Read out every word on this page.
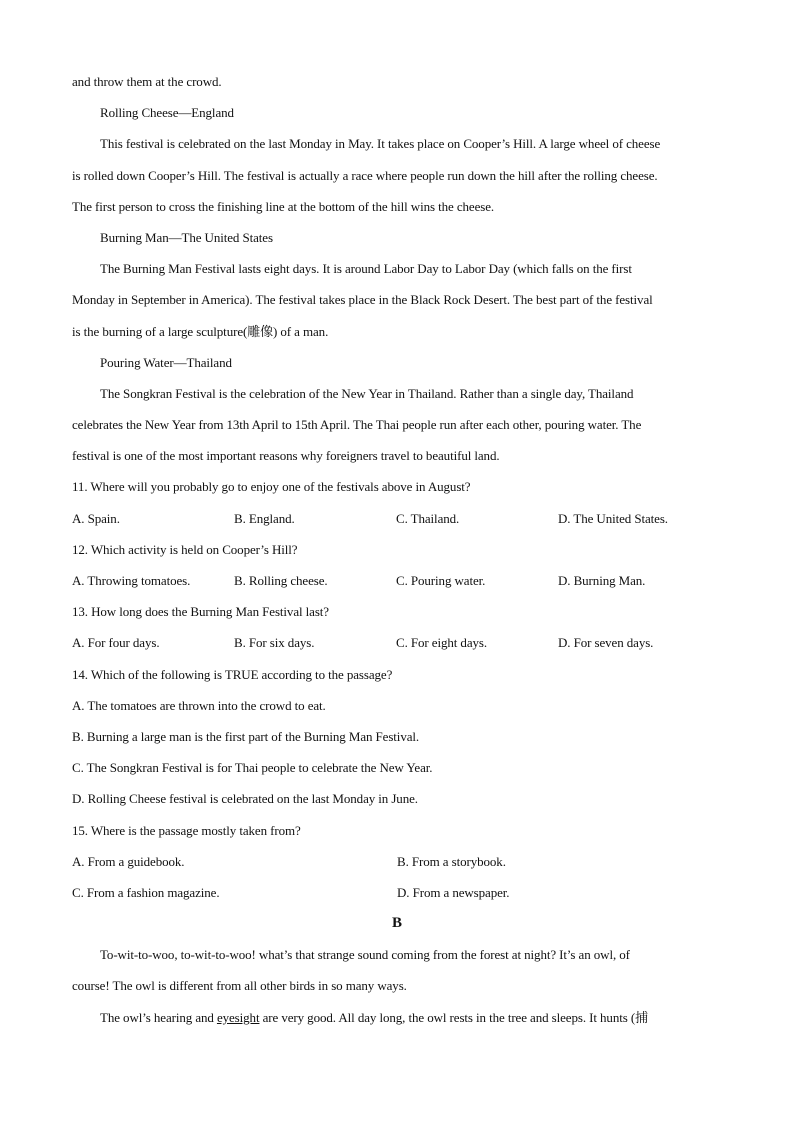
and throw them at the crowd.
Rolling Cheese—England
This festival is celebrated on the last Monday in May. It takes place on Cooper’s Hill. A large wheel of cheese
is rolled down Cooper’s Hill. The festival is actually a race where people run down the hill after the rolling cheese.
The first person to cross the finishing line at the bottom of the hill wins the cheese.
Burning Man—The United States
The Burning Man Festival lasts eight days. It is around Labor Day to Labor Day (which falls on the first
Monday in September in America). The festival takes place in the Black Rock Desert. The best part of the festival
is the burning of a large sculpture(雕像) of a man.
Pouring Water—Thailand
The Songkran Festival is the celebration of the New Year in Thailand. Rather than a single day, Thailand
celebrates the New Year from 13th April to 15th April. The Thai people run after each other, pouring water. The
festival is one of the most important reasons why foreigners travel to beautiful land.
11. Where will you probably go to enjoy one of the festivals above in August?
A. Spain.	B. England.	C. Thailand.	D. The United States.
12. Which activity is held on Cooper’s Hill?
A. Throwing tomatoes.	B. Rolling cheese.	C. Pouring water.	D. Burning Man.
13. How long does the Burning Man Festival last?
A. For four days.	B. For six days.	C. For eight days.	D. For seven days.
14. Which of the following is TRUE according to the passage?
A. The tomatoes are thrown into the crowd to eat.
B. Burning a large man is the first part of the Burning Man Festival.
C. The Songkran Festival is for Thai people to celebrate the New Year.
D. Rolling Cheese festival is celebrated on the last Monday in June.
15. Where is the passage mostly taken from?
A. From a guidebook.	B. From a storybook.
C. From a fashion magazine.	D. From a newspaper.
B
To-wit-to-woo, to-wit-to-woo! what’s that strange sound coming from the forest at night? It’s an owl, of
course! The owl is different from all other birds in so many ways.
The owl’s hearing and eyesight are very good. All day long, the owl rests in the tree and sleeps. It hunts (捕
